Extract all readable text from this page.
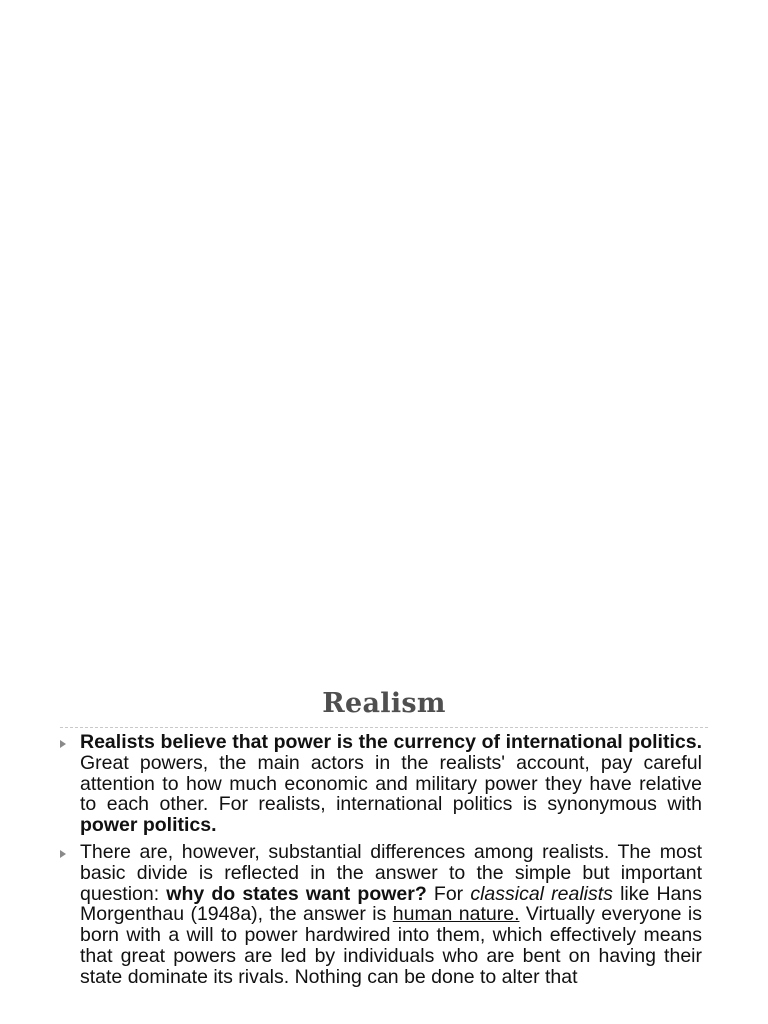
Realism

Realists believe that power is the currency of international politics. Great powers, the main actors in the realists' account, pay careful attention to how much economic and military power they have relative to each other. For realists, international politics is synonymous with power politics.

There are, however, substantial differences among realists. The most basic divide is reflected in the answer to the simple but important question: why do states want power? For classical realists like Hans Morgenthau (1948a), the answer is human nature. Virtually everyone is born with a will to power hardwired into them, which effectively means that great powers are led by individuals who are bent on having their state dominate its rivals. Nothing can be done to alter that
